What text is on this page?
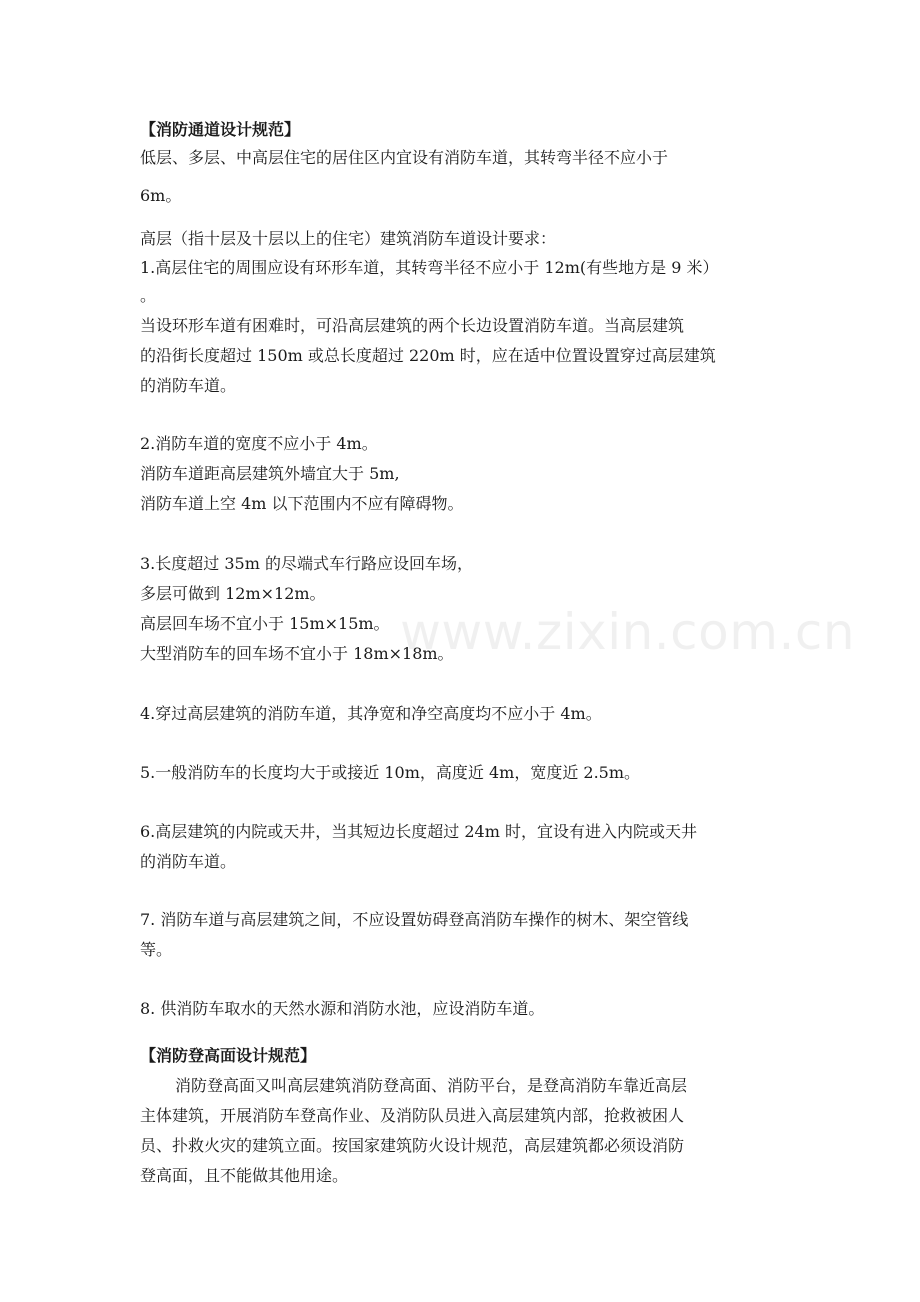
www.zixin.com.cn
【消防通道设计规范】
低层、多层、中高层住宅的居住区内宜设有消防车道，其转弯半径不应小于
6m。
高层（指十层及十层以上的住宅）建筑消防车道设计要求：
1.高层住宅的周围应设有环形车道，其转弯半径不应小于 12m(有些地方是 9 米）
。
当设环形车道有困难时，可沿高层建筑的两个长边设置消防车道。当高层建筑
的沿街长度超过 150m 或总长度超过 220m 时，应在适中位置设置穿过高层建筑
的消防车道。
2.消防车道的宽度不应小于 4m。
消防车道距高层建筑外墙宜大于 5m,
消防车道上空 4m 以下范围内不应有障碍物。
3.长度超过 35m 的尽端式车行路应设回车场，
多层可做到 12m×12m。
高层回车场不宜小于 15m×15m。
大型消防车的回车场不宜小于 18m×18m。
4.穿过高层建筑的消防车道，其净宽和净空高度均不应小于 4m。
5.一般消防车的长度均大于或接近 10m，高度近 4m，宽度近 2.5m。
6.高层建筑的内院或天井，当其短边长度超过 24m 时，宜设有进入内院或天井
的消防车道。
7. 消防车道与高层建筑之间，不应设置妨碍登高消防车操作的树木、架空管线
等。
8. 供消防车取水的天然水源和消防水池，应设消防车道。
【消防登高面设计规范】
消防登高面又叫高层建筑消防登高面、消防平台，是登高消防车靠近高层
主体建筑，开展消防车登高作业、及消防队员进入高层建筑内部，抢救被困人
员、扑救火灾的建筑立面。按国家建筑防火设计规范，高层建筑都必须设消防
登高面，且不能做其他用途。
